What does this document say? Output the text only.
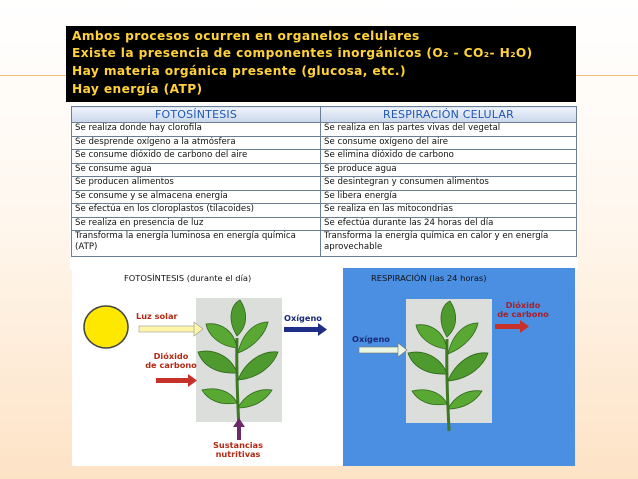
Ambos procesos ocurren en organelos celulares
Existe la presencia de componentes inorgánicos (O₂ - CO₂- H₂O)
Hay materia orgánica presente (glucosa, etc.)
Hay energía (ATP)
FOTOSÍNTESIS	RESPIRACIÓN CELULAR
Se realiza donde hay clorofila	Se realiza en las partes vivas del vegetal
Se desprende oxígeno a la atmósfera	Se consume oxígeno del aire
Se consume dióxido de carbono del aire	Se elimina dióxido de carbono
Se consume agua	Se produce agua
Se producen alimentos	Se desintegran y consumen alimentos
Se consume y se almacena energía	Se libera energía
Se efectúa en los cloroplastos (tilacoides)	Se realiza en las mitocondrias
Se realiza en presencia de luz	Se efectúa durante las 24 horas del día
Transforma la energía luminosa en energía química (ATP)	Transforma la energía química en calor y en energía aprovechable
FOTOSÍNTESIS (durante el día)	RESPIRACIÓN (las 24 horas)
Luz solar	Oxígeno
Dióxido
de carbono
Sustancias
nutritivas
Oxígeno
Dióxido
de carbono
